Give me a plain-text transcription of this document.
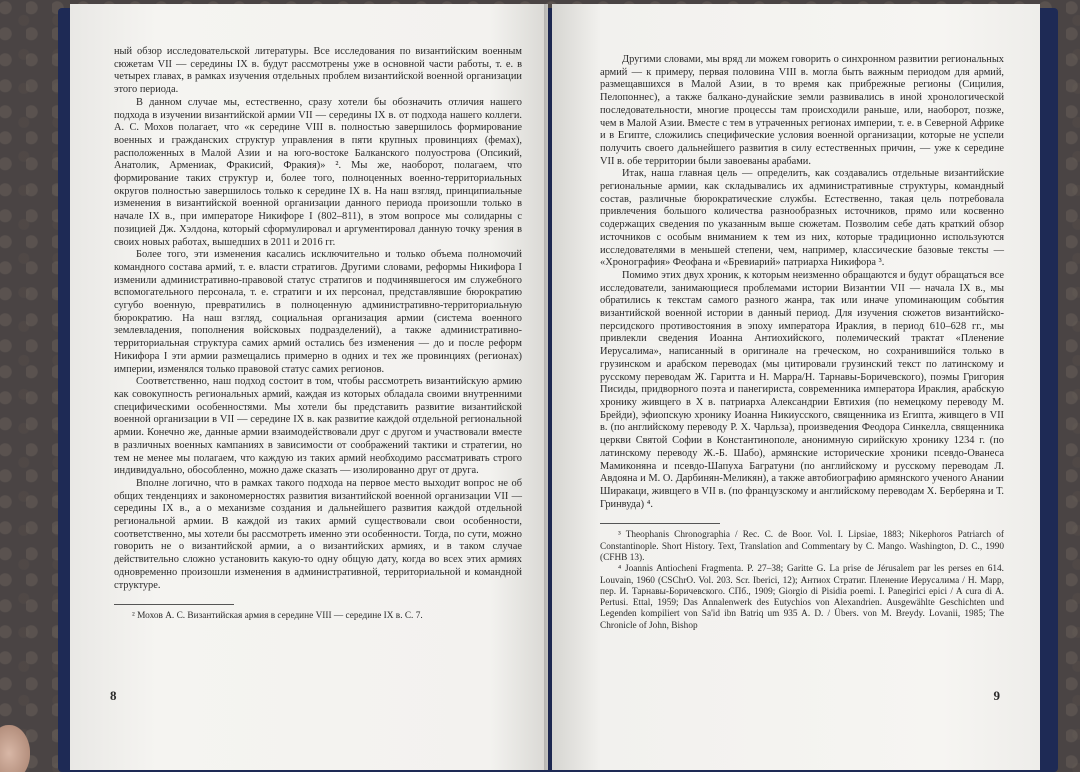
ный обзор исследовательской литературы. Все исследования по византийским военным сюжетам VII — середины IX в. будут рассмотрены уже в основной части работы, т. е. в четырех главах, в рамках изучения отдельных проблем византийской военной организации этого периода.

В данном случае мы, естественно, сразу хотели бы обозначить отличия нашего подхода в изучении византийской армии VII — середины IX в. от подхода нашего коллеги. А. С. Мохов полагает, что «к середине VIII в. полностью завершилось формирование военных и гражданских структур управления в пяти крупных провинциях (фемах), расположенных в Малой Азии и на юго-востоке Балканского полуострова (Опсикий, Анатолик, Армениак, Фракисий, Фракия)» ². Мы же, наоборот, полагаем, что формирование таких структур и, более того, полноценных военно-территориальных округов полностью завершилось только к середине IX в. На наш взгляд, принципиальные изменения в византийской военной организации данного периода произошли только в начале IX в., при императоре Никифоре I (802–811), в этом вопросе мы солидарны с позицией Дж. Хэлдона, который сформулировал и аргументировал данную точку зрения в своих новых работах, вышедших в 2011 и 2016 гг.

Более того, эти изменения касались исключительно и только объема полномочий командного состава армий, т. е. власти стратигов. Другими словами, реформы Никифора I изменили административно-правовой статус стратигов и подчинявшегося им служебного вспомогательного персонала, т. е. стратиги и их персонал, представлявшие бюрократию сугубо военную, превратились в полноценную административно-территориальную бюрократию. На наш взгляд, социальная организация армии (система военного землевладения, пополнения войсковых подразделений), а также административно-территориальная структура самих армий остались без изменения — до и после реформ Никифора I эти армии размещались примерно в одних и тех же провинциях (регионах) империи, изменялся только правовой статус самих регионов.

Соответственно, наш подход состоит в том, чтобы рассмотреть византийскую армию как совокупность региональных армий, каждая из которых обладала своими внутренними специфическими особенностями. Мы хотели бы представить развитие византийской военной организации в VII — середине IX в. как развитие каждой отдельной региональной армии. Конечно же, данные армии взаимодействовали друг с другом и участвовали вместе в различных военных кампаниях в зависимости от соображений тактики и стратегии, но тем не менее мы полагаем, что каждую из таких армий необходимо рассматривать строго индивидуально, обособленно, можно даже сказать — изолированно друг от друга.

Вполне логично, что в рамках такого подхода на первое место выходит вопрос не об общих тенденциях и закономерностях развития византийской военной организации VII — середины IX в., а о механизме создания и дальнейшего развития каждой отдельной региональной армии. В каждой из таких армий существовали свои особенности, соответственно, мы хотели бы рассмотреть именно эти особенности. Тогда, по сути, можно говорить не о византийской армии, а о византийских армиях, и в таком случае действительно сложно установить какую-то одну общую дату, когда во всех этих армиях одновременно произошли изменения в административной, территориальной и командной структуре.

² Мохов А. С. Византийская армия в середине VIII — середине IX в. С. 7.

8

Другими словами, мы вряд ли можем говорить о синхронном развитии региональных армий — к примеру, первая половина VIII в. могла быть важным периодом для армий, размещавшихся в Малой Азии, в то время как прибрежные регионы (Сицилия, Пелопоннес), а также балкано-дунайские земли развивались в иной хронологической последовательности, многие процессы там происходили раньше, или, наоборот, позже, чем в Малой Азии. Вместе с тем в утраченных регионах империи, т. е. в Северной Африке и в Египте, сложились специфические условия военной организации, которые не успели получить своего дальнейшего развития в силу естественных причин, — уже к середине VII в. обе территории были завоеваны арабами.

Итак, наша главная цель — определить, как создавались отдельные византийские региональные армии, как складывались их административные структуры, командный состав, различные бюрократические службы. Естественно, такая цель потребовала привлечения большого количества разнообразных источников, прямо или косвенно содержащих сведения по указанным выше сюжетам. Позволим себе дать краткий обзор источников с особым вниманием к тем из них, которые традиционно используются исследователями в меньшей степени, чем, например, классические базовые тексты — «Хронография» Феофана и «Бревиарий» патриарха Никифора ³.

Помимо этих двух хроник, к которым неизменно обращаются и будут обращаться все исследователи, занимающиеся проблемами истории Византии VII — начала IX в., мы обратились к текстам самого разного жанра, так или иначе упоминающим события византийской военной истории в данный период. Для изучения сюжетов византийско-персидского противостояния в эпоху императора Ираклия, в период 610–628 гг., мы привлекли сведения Иоанна Антиохийского, полемический трактат «Пленение Иерусалима», написанный в оригинале на греческом, но сохранившийся только в грузинском и арабском переводах (мы цитировали грузинский текст по латинскому и русскому переводам Ж. Гаритта и Н. Марра/Н. Тарнавы-Боричевского), поэмы Григория Писиды, придворного поэта и панегириста, современника императора Ираклия, арабскую хронику живщего в X в. патриарха Александрии Евтихия (по немецкому переводу М. Брейди), эфиопскую хронику Иоанна Никиусского, священника из Египта, живщего в VII в. (по английскому переводу Р. Х. Чарльза), произведения Феодора Синкелла, священника церкви Святой Софии в Константинополе, анонимную сирийскую хронику 1234 г. (по латинскому переводу Ж.-Б. Шабо), армянские исторические хроники псевдо-Ованеса Мамиконяна и псевдо-Шапуха Багратуни (по английскому и русскому переводам Л. Авдояна и М. О. Дарбинян-Меликян), а также автобиографию армянского ученого Анании Ширакаци, живщего в VII в. (по французскому и английскому переводам Х. Берберяна и Т. Гринвуда) ⁴.

³ Theophanis Chronographia / Rec. C. de Boor. Vol. I. Lipsiae, 1883; Nikephoros Patriarch of Constantinople. Short History. Text, Translation and Commentary by C. Mango. Washington, D. C., 1990 (CFHB 13).

⁴ Joannis Antiocheni Fragmenta. P. 27–38; Garitte G. La prise de Jérusalem par les perses en 614. Louvain, 1960 (CSChrO. Vol. 203. Scr. Iberici, 12); Антиох Стратиг. Пленение Иерусалима / Н. Марр, пер. И. Тарнавы-Боричевского. СПб., 1909; Giorgio di Pisidia poemi. I. Panegirici epici / A cura di A. Pertusi. Ettal, 1959; Das Annalenwerk des Eutychios von Alexandrien. Ausgewählte Geschichten und Legenden kompiliert von Sa'id ibn Batriq um 935 A. D. / Übers. von M. Breydy. Lovanii, 1985; The Chronicle of John, Bishop

9
